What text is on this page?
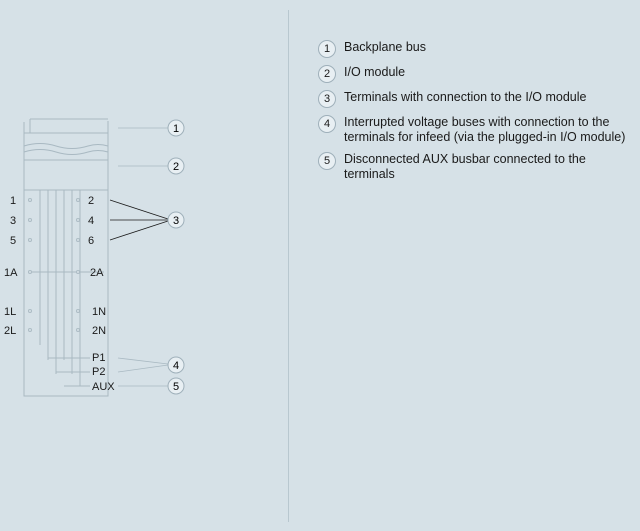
1
3
5
1A
1L
2L
2
4
6
2A
1N
2N
P1
P2
AUX
1
2
3
4
5
1	Backplane bus
2	I/O module
3	Terminals with connection to the I/O module
4	Interrupted voltage buses with connection to the terminals for infeed (via the plugged-in I/O module)
5	Disconnected AUX busbar connected to the terminals
